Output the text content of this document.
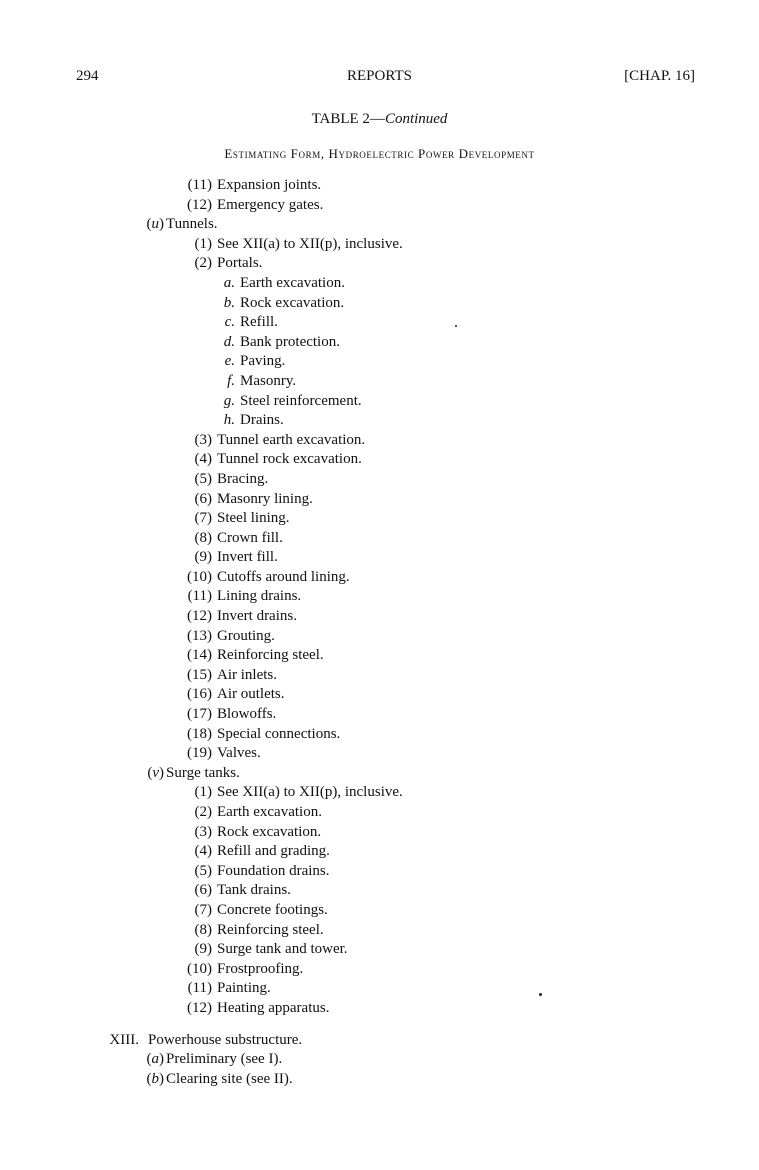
294	REPORTS	[CHAP. 16]
TABLE 2—Continued
Estimating Form, Hydroelectric Power Development
(11) Expansion joints.
(12) Emergency gates.
(u) Tunnels.
(1) See XII(a) to XII(p), inclusive.
(2) Portals.
a. Earth excavation.
b. Rock excavation.
c. Refill.
d. Bank protection.
e. Paving.
f. Masonry.
g. Steel reinforcement.
h. Drains.
(3) Tunnel earth excavation.
(4) Tunnel rock excavation.
(5) Bracing.
(6) Masonry lining.
(7) Steel lining.
(8) Crown fill.
(9) Invert fill.
(10) Cutoffs around lining.
(11) Lining drains.
(12) Invert drains.
(13) Grouting.
(14) Reinforcing steel.
(15) Air inlets.
(16) Air outlets.
(17) Blowoffs.
(18) Special connections.
(19) Valves.
(v) Surge tanks.
(1) See XII(a) to XII(p), inclusive.
(2) Earth excavation.
(3) Rock excavation.
(4) Refill and grading.
(5) Foundation drains.
(6) Tank drains.
(7) Concrete footings.
(8) Reinforcing steel.
(9) Surge tank and tower.
(10) Frostproofing.
(11) Painting.
(12) Heating apparatus.
XIII. Powerhouse substructure.
(a) Preliminary (see I).
(b) Clearing site (see II).
